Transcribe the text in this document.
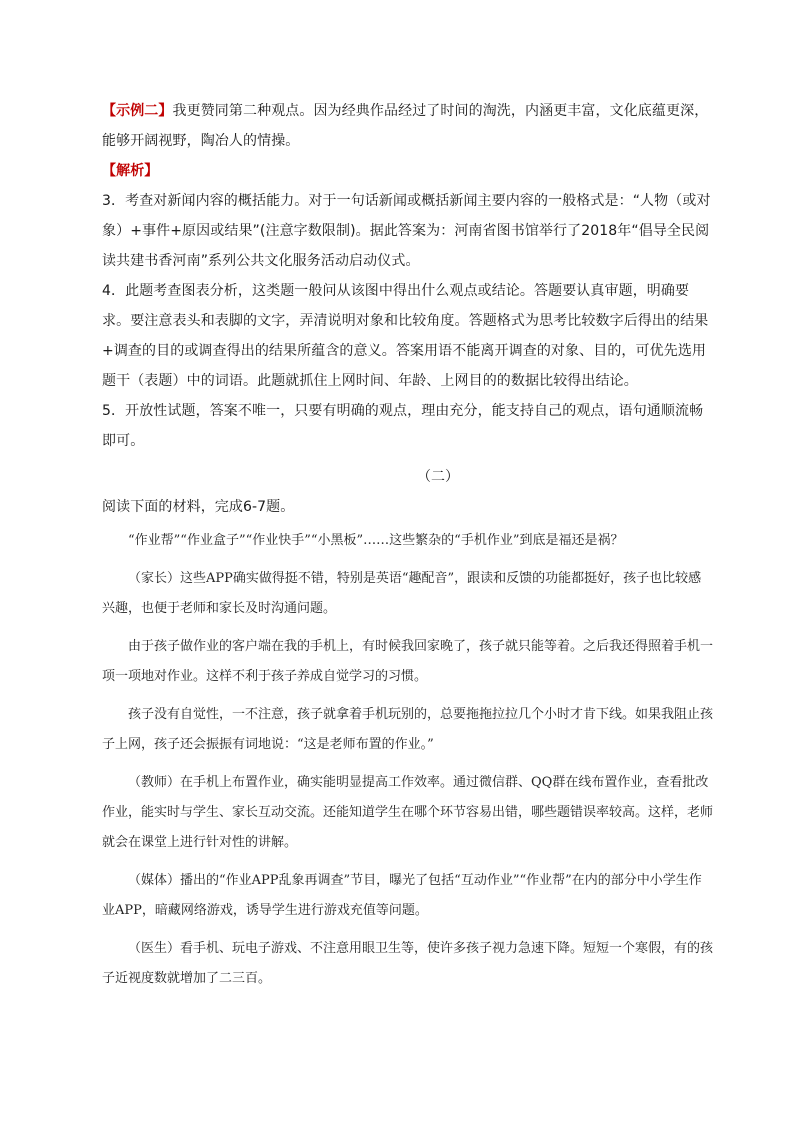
【示例二】我更赞同第二种观点。因为经典作品经过了时间的淘洗，内涵更丰富，文化底蕴更深，能够开阔视野，陶冶人的情操。

【解析】

3．考查对新闻内容的概括能力。对于一句话新闻或概括新闻主要内容的一般格式是：“人物（或对象）+事件+原因或结果”(注意字数限制)。据此答案为：河南省图书馆举行了2018年“倡导全民阅读共建书香河南”系列公共文化服务活动启动仪式。

4．此题考查图表分析，这类题一般问从该图中得出什么观点或结论。答题要认真审题，明确要求。要注意表头和表脚的文字，弄清说明对象和比较角度。答题格式为思考比较数字后得出的结果+调查的目的或调查得出的结果所蕴含的意义。答案用语不能离开调查的对象、目的，可优先选用题干（表题）中的词语。此题就抓住上网时间、年龄、上网目的的数据比较得出结论。

5．开放性试题，答案不唯一，只要有明确的观点，理由充分，能支持自己的观点，语句通顺流畅即可。

（二）

阅读下面的材料，完成6-7题。

“作业帮”“作业盒子”“作业快手”“小黑板”……这些繁杂的“手机作业”到底是福还是祸？

（家长）这些APP确实做得挺不错，特别是英语“趣配音”，跟读和反馈的功能都挺好，孩子也比较感兴趣，也便于老师和家长及时沟通问题。

由于孩子做作业的客户端在我的手机上，有时候我回家晚了，孩子就只能等着。之后我还得照着手机一项一项地对作业。这样不利于孩子养成自觉学习的习惯。

孩子没有自觉性，一不注意，孩子就拿着手机玩别的，总要拖拖拉拉几个小时才肯下线。如果我阻止孩子上网，孩子还会振振有词地说：“这是老师布置的作业。”

（教师）在手机上布置作业，确实能明显提高工作效率。通过微信群、QQ群在线布置作业，查看批改作业，能实时与学生、家长互动交流。还能知道学生在哪个环节容易出错，哪些题错误率较高。这样，老师就会在课堂上进行针对性的讲解。

（媒体）播出的“作业APP乱象再调查”节目，曝光了包括“互动作业”“作业帮”在内的部分中小学生作业APP，暗藏网络游戏，诱导学生进行游戏充值等问题。

（医生）看手机、玩电子游戏、不注意用眼卫生等，使许多孩子视力急速下降。短短一个寒假，有的孩子近视度数就增加了二三百。
